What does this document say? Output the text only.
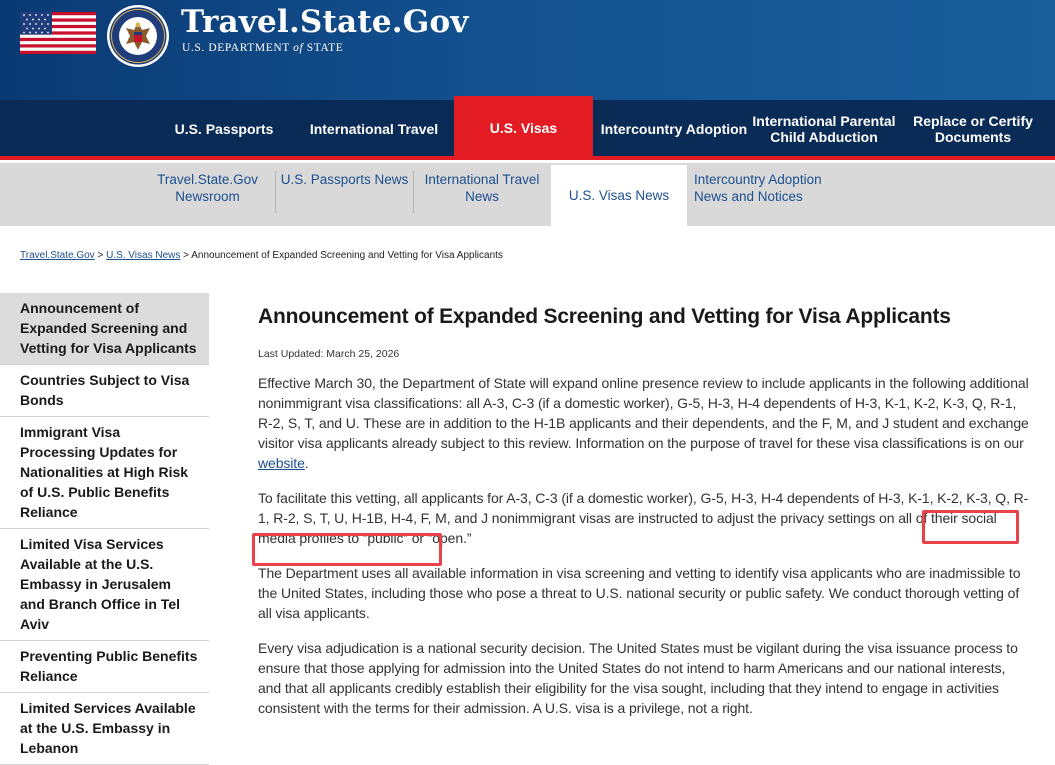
Travel.State.Gov
U.S. DEPARTMENT of STATE
U.S. Passports	International Travel	U.S. Visas	Intercountry Adoption International Parental
Child Abduction
Replace or Certify
Documents
Travel.State.Gov
Newsroom
U.S. Passports News International Travel
News	U.S. Visas News
Intercountry Adoption
News and Notices
Travel.State.Gov > U.S. Visas News > Announcement of Expanded Screening and Vetting for Visa Applicants
Announcement of Expanded Screening and Vetting for Visa Applicants
Countries Subject to Visa Bonds
Immigrant Visa Processing Updates for Nationalities at High Risk of U.S. Public Benefits Reliance
Limited Visa Services Available at the U.S. Embassy in Jerusalem and Branch Office in Tel Aviv
Preventing Public Benefits Reliance
Limited Services Available at the U.S. Embassy in Lebanon
Announcement of Expanded Screening and Vetting for Visa Applicants
Last Updated: March 25, 2026

Effective March 30, the Department of State will expand online presence review to include applicants in the following additional nonimmigrant visa classifications: all A-3, C-3 (if a domestic worker), G-5, H-3, H-4 dependents of H-3, K-1, K-2, K-3, Q, R-1, R-2, S, T, and U. These are in addition to the H-1B applicants and their dependents, and the F, M, and J student and exchange visitor visa applicants already subject to this review. Information on the purpose of travel for these visa classifications is on our website.

To facilitate this vetting, all applicants for A-3, C-3 (if a domestic worker), G-5, H-3, H-4 dependents of H-3, K-1, K-2, K-3, Q, R-1, R-2, S, T, U, H-1B, H-4, F, M, and J nonimmigrant visas are instructed to adjust the privacy settings on all of their social media profiles to “public” or “open.”

The Department uses all available information in visa screening and vetting to identify visa applicants who are inadmissible to the United States, including those who pose a threat to U.S. national security or public safety. We conduct thorough vetting of all visa applicants.

Every visa adjudication is a national security decision. The United States must be vigilant during the visa issuance process to ensure that those applying for admission into the United States do not intend to harm Americans and our national interests, and that all applicants credibly establish their eligibility for the visa sought, including that they intend to engage in activities consistent with the terms for their admission. A U.S. visa is a privilege, not a right.
